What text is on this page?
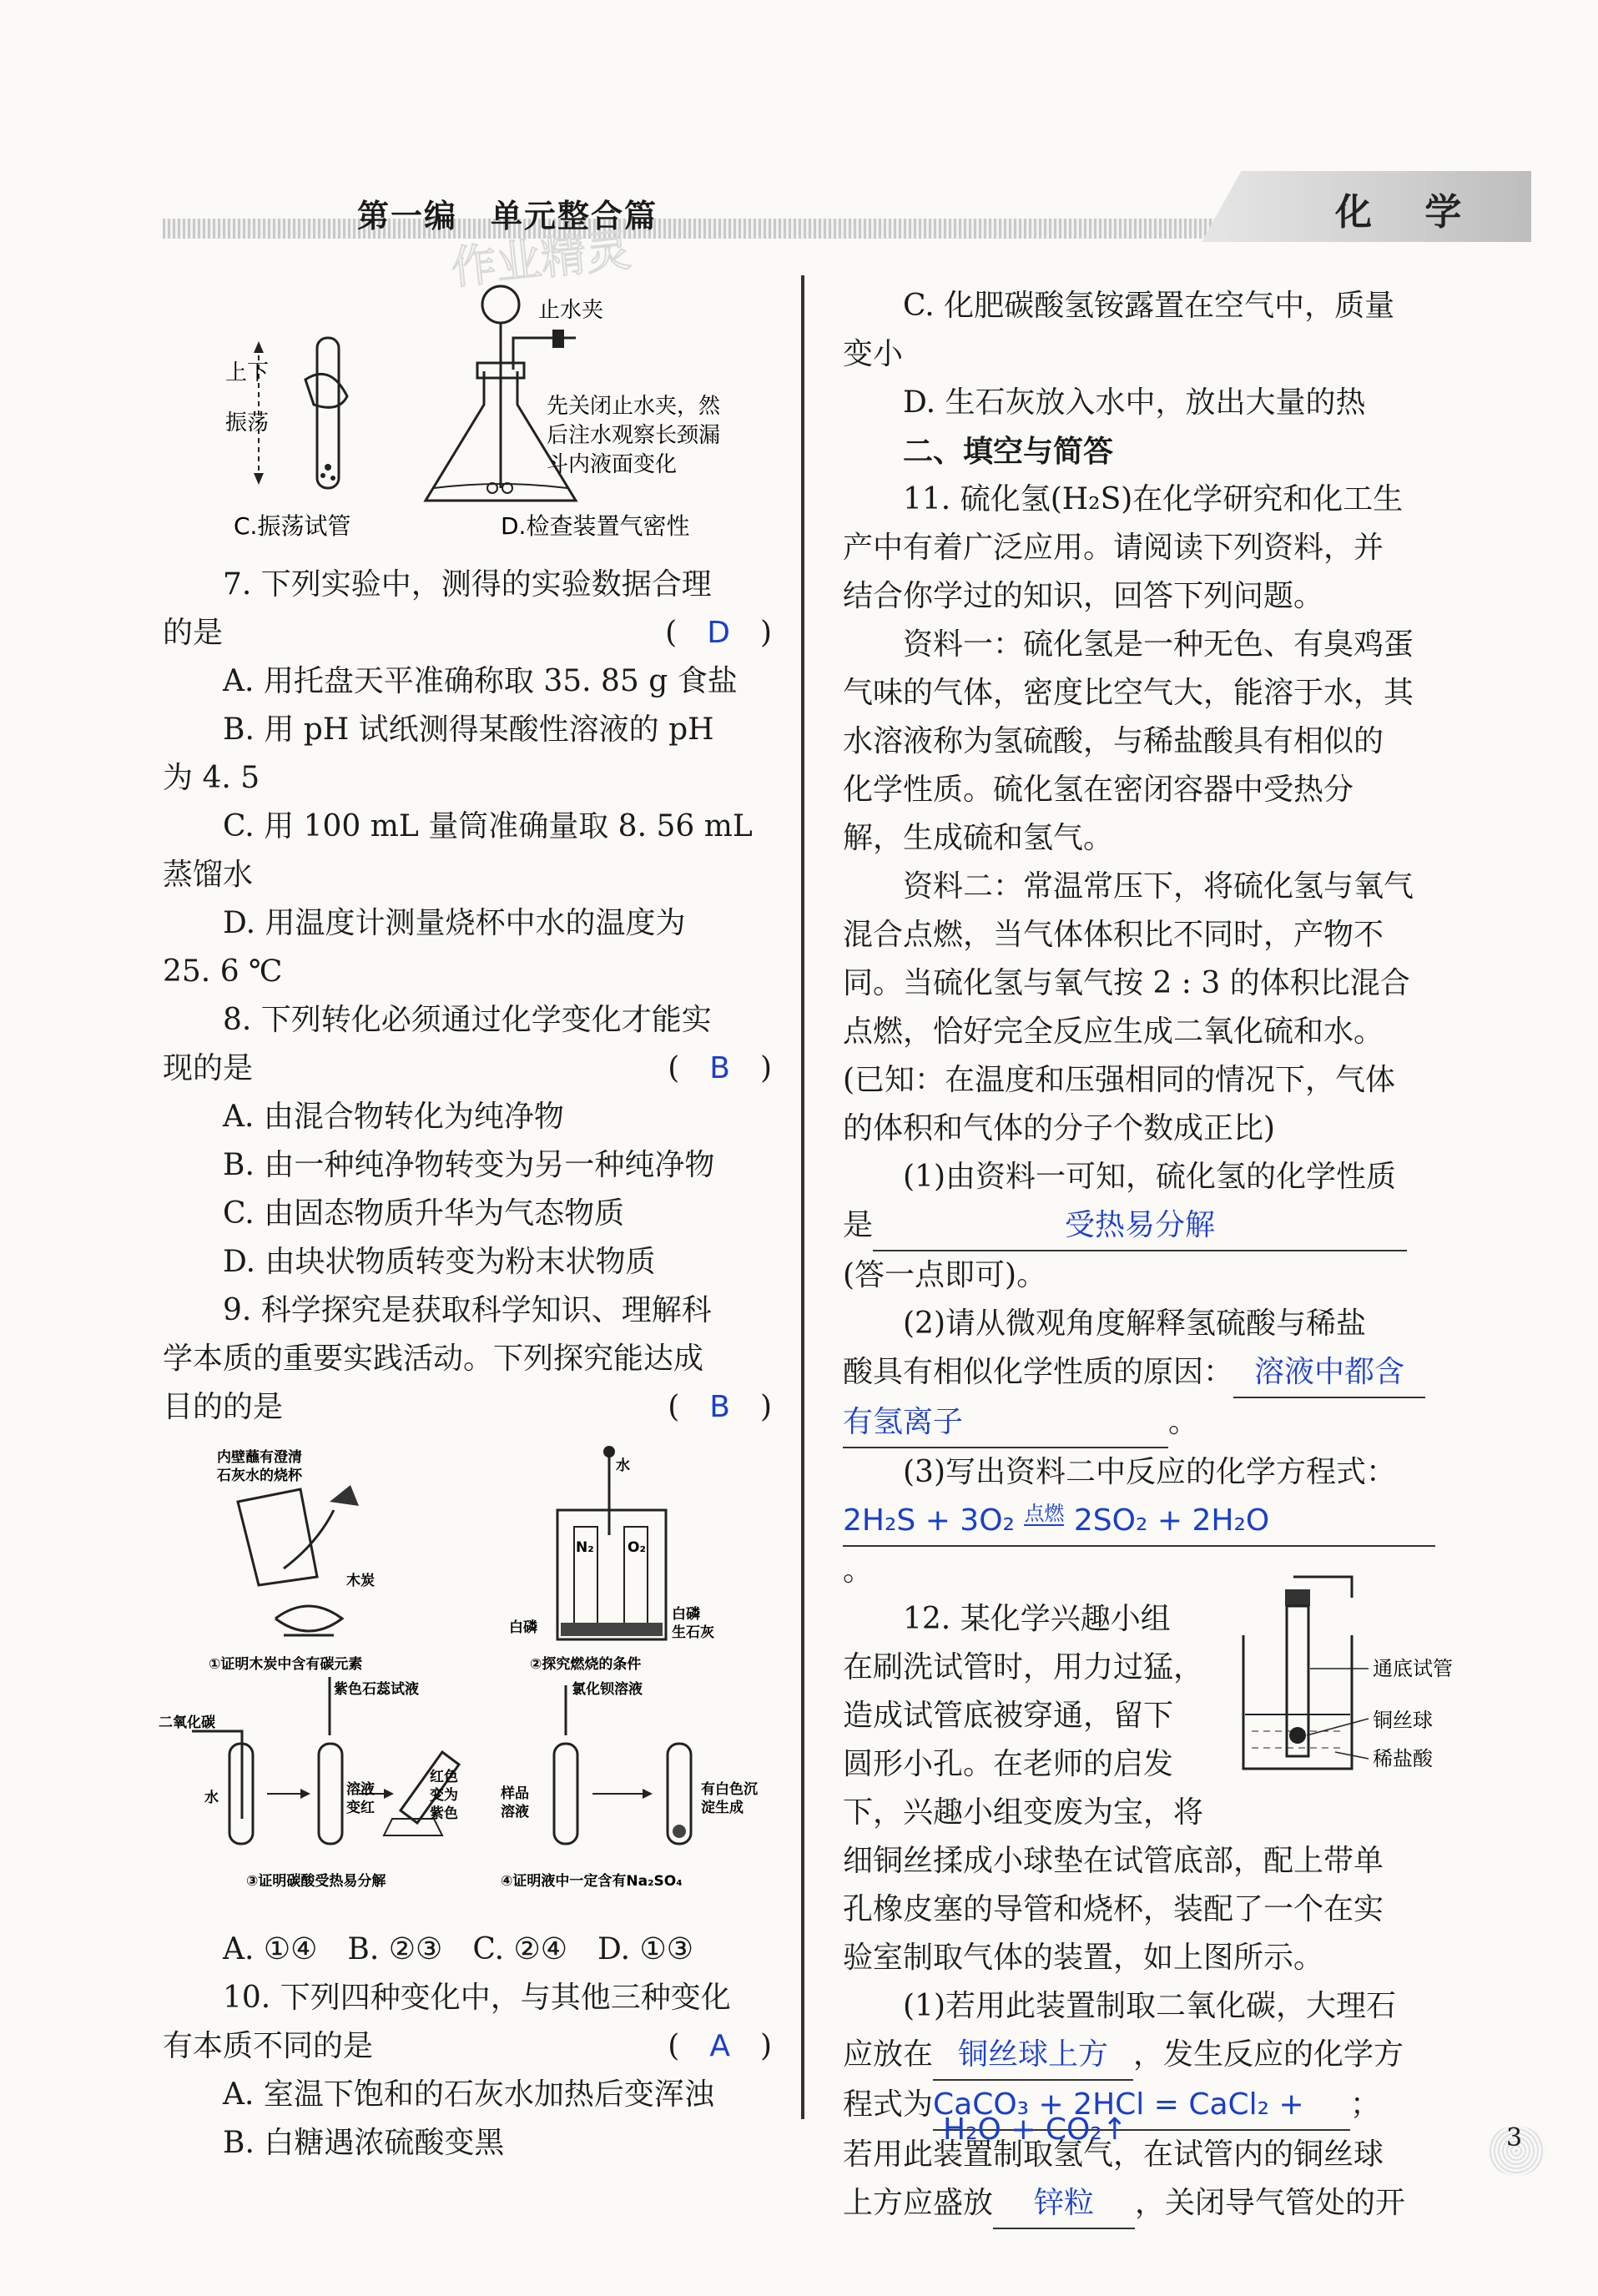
第一编　单元整合篇	化 学
作业精灵
上下
振荡
C.振荡试管
止水夹
先关闭止水夹，然
后注水观察长颈漏
斗内液面变化
D.检查装置气密性

7. 下列实验中，测得的实验数据合理

的是	(　D　)

A. 用托盘天平准确称取 35. 85 g 食盐

B. 用 pH 试纸测得某酸性溶液的 pH

为 4. 5

C. 用 100 mL 量筒准确量取 8. 56 mL

蒸馏水

D. 用温度计测量烧杯中水的温度为

25. 6 ℃

8. 下列转化必须通过化学变化才能实

现的是	(　B　)

A. 由混合物转化为纯净物

B. 由一种纯净物转变为另一种纯净物

C. 由固态物质升华为气态物质

D. 由块状物质转变为粉末状物质

9. 科学探究是获取科学知识、理解科

学本质的重要实践活动。下列探究能达成

目的的是	(　B　)

内壁蘸有澄清
石灰水的烧杯
木炭
①证明木炭中含有碳元素
水
N₂ O₂
白磷
白磷
生石灰
②探究燃烧的条件
二氧化碳
紫色石蕊试液
水	溶液
变红
红色
变为
紫色
③证明碳酸受热易分解
氯化钡溶液
样品
溶液
有白色沉
淀生成
④证明液中一定含有Na₂SO₄

A. ①④　B. ②③　C. ②④　D. ①③

10. 下列四种变化中，与其他三种变化

有本质不同的是	(　A　)

A. 室温下饱和的石灰水加热后变浑浊

B. 白糖遇浓硫酸变黑

C. 化肥碳酸氢铵露置在空气中，质量

变小

D. 生石灰放入水中，放出大量的热

二、填空与简答

11. 硫化氢(H₂S)在化学研究和化工生

产中有着广泛应用。请阅读下列资料，并

结合你学过的知识，回答下列问题。

资料一：硫化氢是一种无色、有臭鸡蛋

气味的气体，密度比空气大，能溶于水，其

水溶液称为氢硫酸，与稀盐酸具有相似的

化学性质。硫化氢在密闭容器中受热分

解，生成硫和氢气。

资料二：常温常压下，将硫化氢与氧气

混合点燃，当气体体积比不同时，产物不

同。当硫化氢与氧气按 2 : 3 的体积比混合

点燃，恰好完全反应生成二氧化硫和水。

(已知：在温度和压强相同的情况下，气体

的体积和气体的分子个数成正比)

(1)由资料一可知，硫化氢的化学性质

是	受热易分解

(答一点即可)。

(2)请从微观角度解释氢硫酸与稀盐

酸具有相似化学性质的原因： 溶液中都含

有氢离子	。

(3)写出资料二中反应的化学方程式：

2H₂S + 3O₂ 点燃 2SO₂ + 2H₂O。

12. 某化学兴趣小组

在刷洗试管时，用力过猛，

造成试管底被穿通，留下

圆形小孔。在老师的启发

下，兴趣小组变废为宝，将

细铜丝揉成小球垫在试管底部，配上带单

孔橡皮塞的导管和烧杯，装配了一个在实

验室制取气体的装置，如上图所示。

(1)若用此装置制取二氧化碳，大理石

应放在 铜丝球上方 ，发生反应的化学方

程式为CaCO₃ + 2HCl = CaCl₂ + ；

H₂O + CO₂↑
若用此装置制取氢气，在试管内的铜丝球

上方应盛放 锌粒 ，关闭导气管处的开

通底试管
铜丝球
稀盐酸
3
